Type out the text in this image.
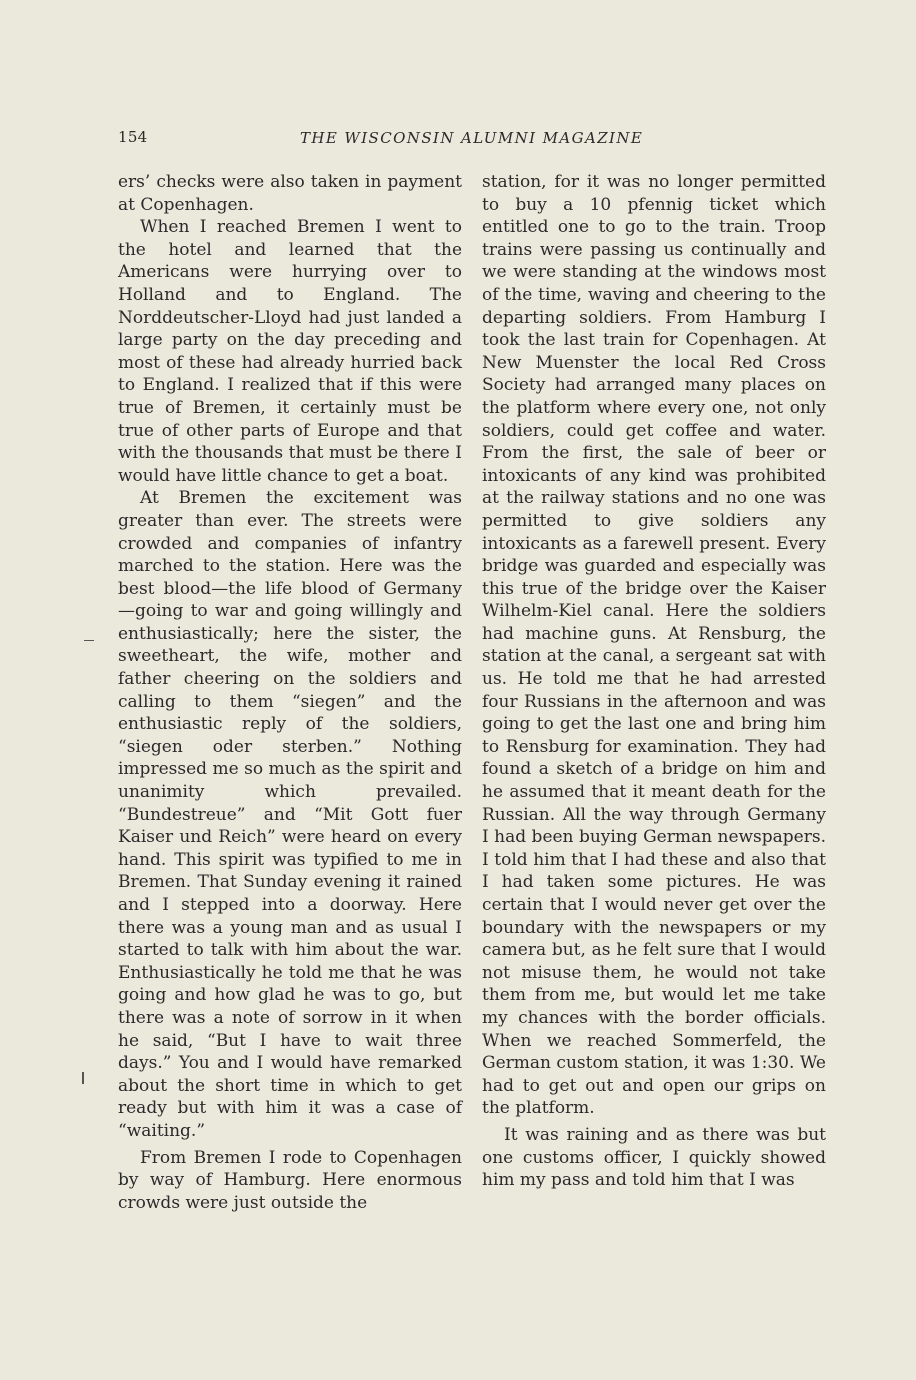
154	THE WISCONSIN ALUMNI MAGAZINE

ers’ checks were also taken in payment at Copenhagen.

When I reached Bremen I went to the hotel and learned that the Americans were hurrying over to Holland and to England. The Norddeutscher-Lloyd had just landed a large party on the day preceding and most of these had already hurried back to England. I realized that if this were true of Bremen, it certainly must be true of other parts of Europe and that with the thousands that must be there I would have little chance to get a boat.

At Bremen the excitement was greater than ever. The streets were crowded and companies of infantry marched to the station. Here was the best blood—the life blood of Germany —going to war and going willingly and enthusiastically; here the sister, the sweetheart, the wife, mother and father cheering on the soldiers and calling to them “siegen” and the enthusiastic reply of the soldiers, “siegen oder sterben.” Nothing impressed me so much as the spirit and unanimity which prevailed. “Bundestreue” and “Mit Gott fuer Kaiser und Reich” were heard on every hand. This spirit was typified to me in Bremen. That Sunday evening it rained and I stepped into a doorway. Here there was a young man and as usual I started to talk with him about the war. Enthusiastically he told me that he was going and how glad he was to go, but there was a note of sorrow in it when he said, “But I have to wait three days.” You and I would have remarked about the short time in which to get ready but with him it was a case of “waiting.”

From Bremen I rode to Copenhagen by way of Hamburg. Here enormous crowds were just outside the

station, for it was no longer permitted to buy a 10 pfennig ticket which entitled one to go to the train. Troop trains were passing us continually and we were standing at the windows most of the time, waving and cheering to the departing soldiers. From Hamburg I took the last train for Copenhagen. At New Muenster the local Red Cross Society had arranged many places on the platform where every one, not only soldiers, could get coffee and water. From the first, the sale of beer or intoxicants of any kind was prohibited at the railway stations and no one was permitted to give soldiers any intoxicants as a farewell present. Every bridge was guarded and especially was this true of the bridge over the Kaiser Wilhelm-Kiel canal. Here the soldiers had machine guns. At Rensburg, the station at the canal, a sergeant sat with us. He told me that he had arrested four Russians in the afternoon and was going to get the last one and bring him to Rensburg for examination. They had found a sketch of a bridge on him and he assumed that it meant death for the Russian. All the way through Germany I had been buying German newspapers. I told him that I had these and also that I had taken some pictures. He was certain that I would never get over the boundary with the newspapers or my camera but, as he felt sure that I would not misuse them, he would not take them from me, but would let me take my chances with the border officials. When we reached Sommerfeld, the German custom station, it was 1:30. We had to get out and open our grips on the platform.

It was raining and as there was but one customs officer, I quickly showed him my pass and told him that I was
